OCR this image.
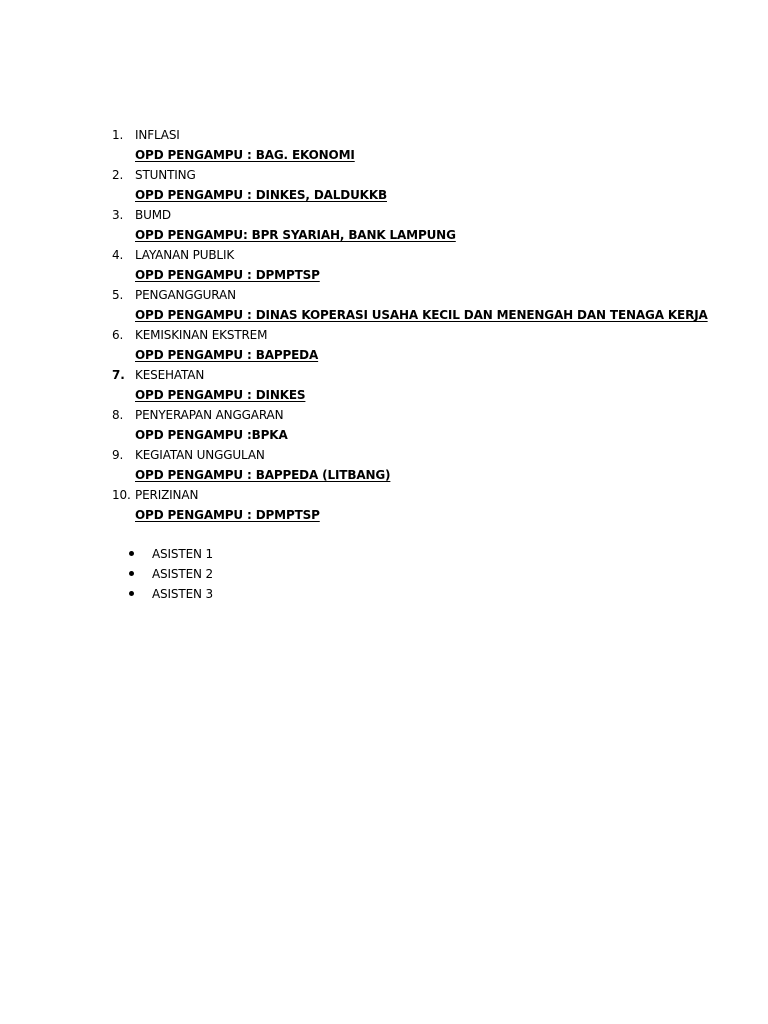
1. INFLASI
OPD PENGAMPU : BAG. EKONOMI
2. STUNTING
OPD PENGAMPU : DINKES, DALDUKKB
3. BUMD
OPD PENGAMPU: BPR SYARIAH, BANK LAMPUNG
4. LAYANAN PUBLIK
OPD PENGAMPU : DPMPTSP
5. PENGANGGURAN
OPD PENGAMPU : DINAS KOPERASI USAHA KECIL DAN MENENGAH DAN TENAGA KERJA
6. KEMISKINAN EKSTREM
OPD PENGAMPU : BAPPEDA
7. KESEHATAN
OPD PENGAMPU : DINKES
8. PENYERAPAN ANGGARAN
OPD PENGAMPU :BPKA
9. KEGIATAN UNGGULAN
OPD PENGAMPU : BAPPEDA (LITBANG)
10. PERIZINAN
OPD PENGAMPU : DPMPTSP
ASISTEN 1
ASISTEN 2
ASISTEN 3
